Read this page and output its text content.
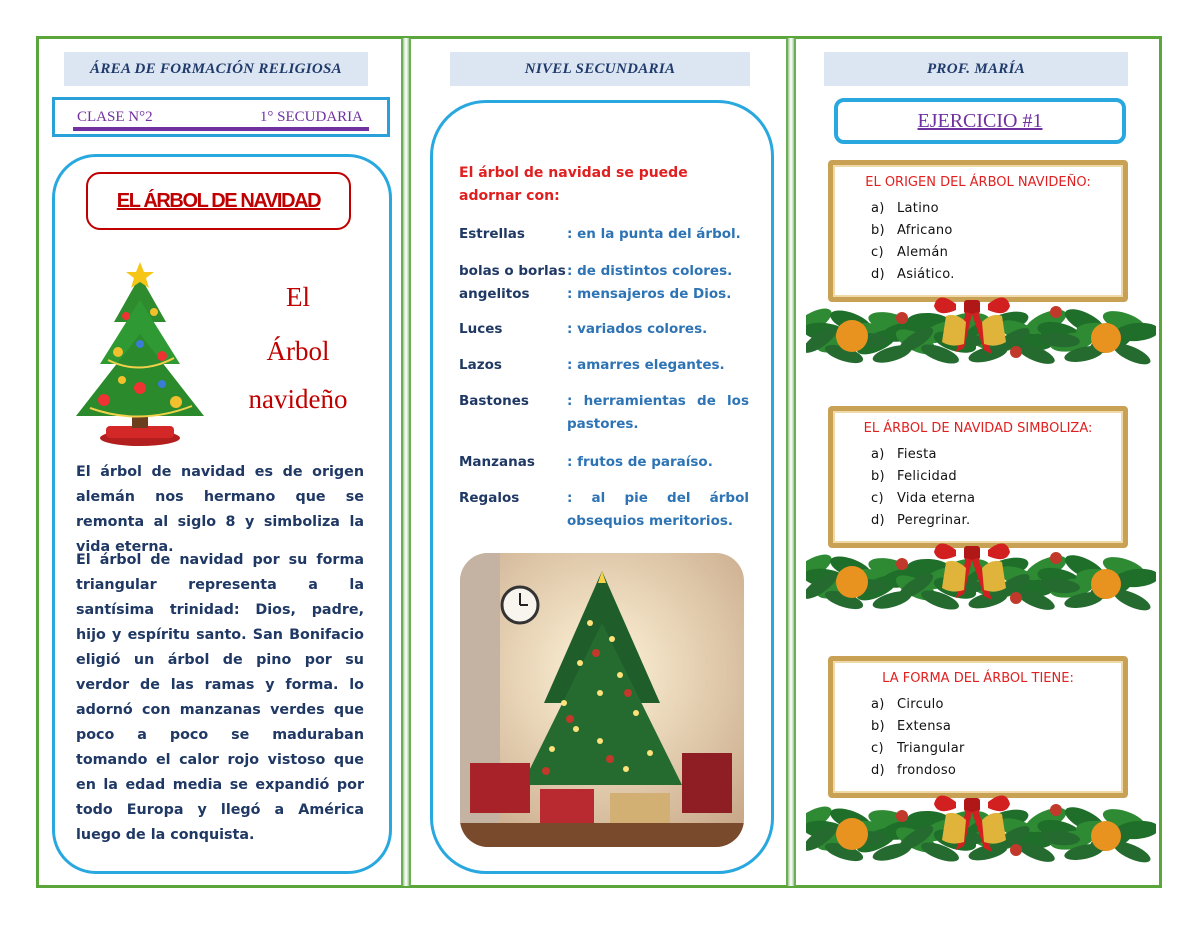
ÁREA DE FORMACIÓN RELIGIOSA
CLASE N°2	1° SECUDARIA
EL ÁRBOL DE NAVIDAD
El
Árbol
navideño
El árbol de navidad es de origen alemán nos hermano que se remonta al siglo 8 y simboliza la vida eterna.
El árbol de navidad por su forma triangular representa a la santísima trinidad: Dios, padre, hijo y espíritu santo. San Bonifacio eligió un árbol de pino por su verdor de las ramas y forma. lo adornó con manzanas verdes que poco a poco se maduraban tomando el calor rojo vistoso que en la edad media se expandió por todo Europa y llegó a América luego de la conquista.
NIVEL SECUNDARIA
El árbol de navidad se puede adornar con:
Estrellas	: en la punta del árbol.
bolas o borlas : de distintos colores.
angelitos	: mensajeros de Dios.
Luces	: variados colores.
Lazos	: amarres elegantes.
Bastones	: herramientas de los pastores.
Manzanas : frutos de paraíso.
Regalos	: al pie del árbol obsequios meritorios.
PROF. MARÍA
EJERCICIO #1
EL ORIGEN DEL ÁRBOL NAVIDEÑO:
a) Latino
b) Africano
c) Alemán
d) Asiático.
EL ÁRBOL DE NAVIDAD SIMBOLIZA:
a) Fiesta
b) Felicidad
c) Vida eterna
d) Peregrinar.
LA FORMA DEL ÁRBOL TIENE:
a) Circulo
b) Extensa
c) Triangular
d) frondoso
